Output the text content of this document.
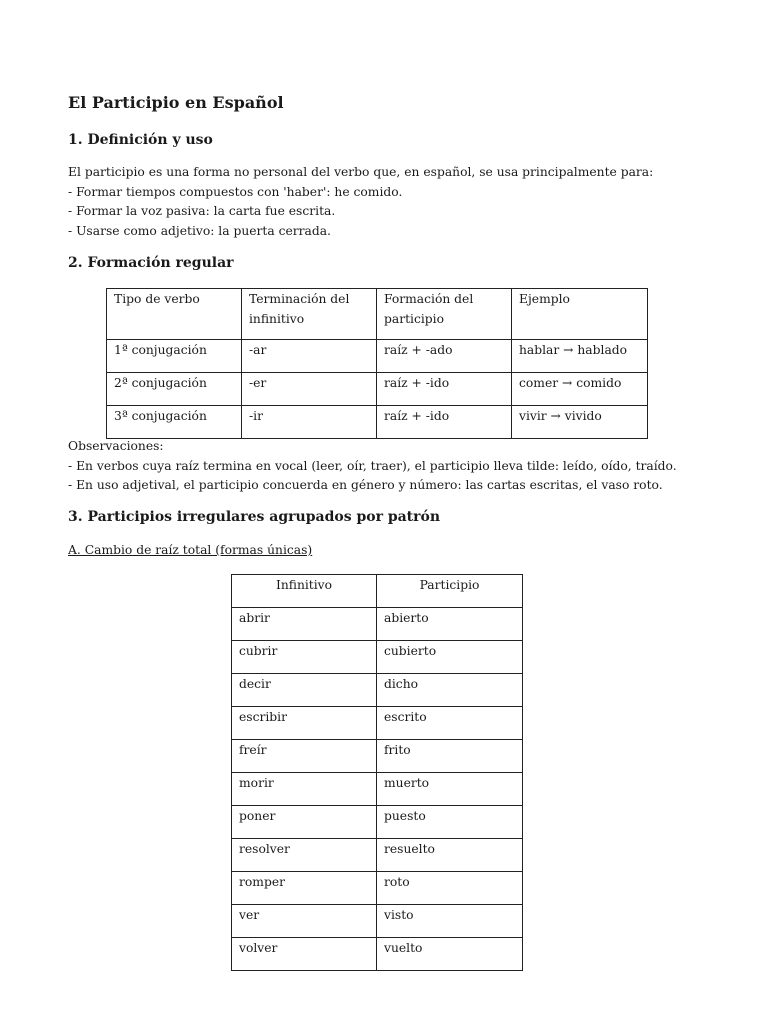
El Participio en Español
1. Definición y uso
El participio es una forma no personal del verbo que, en español, se usa principalmente para:
- Formar tiempos compuestos con 'haber': he comido.
- Formar la voz pasiva: la carta fue escrita.
- Usarse como adjetivo: la puerta cerrada.
2. Formación regular
Tipo de verbo	Terminación del infinitivo	Formación del participio	Ejemplo
1ª conjugación	-ar	raíz + -ado	hablar → hablado
2ª conjugación	-er	raíz + -ido	comer → comido
3ª conjugación	-ir	raíz + -ido	vivir → vivido
Observaciones:
- En verbos cuya raíz termina en vocal (leer, oír, traer), el participio lleva tilde: leído, oído, traído.
- En uso adjetival, el participio concuerda en género y número: las cartas escritas, el vaso roto.
3. Participios irregulares agrupados por patrón
A. Cambio de raíz total (formas únicas)
Infinitivo	Participio
abrir	abierto
cubrir	cubierto
decir	dicho
escribir	escrito
freír	frito
morir	muerto
poner	puesto
resolver	resuelto
romper	roto
ver	visto
volver	vuelto
